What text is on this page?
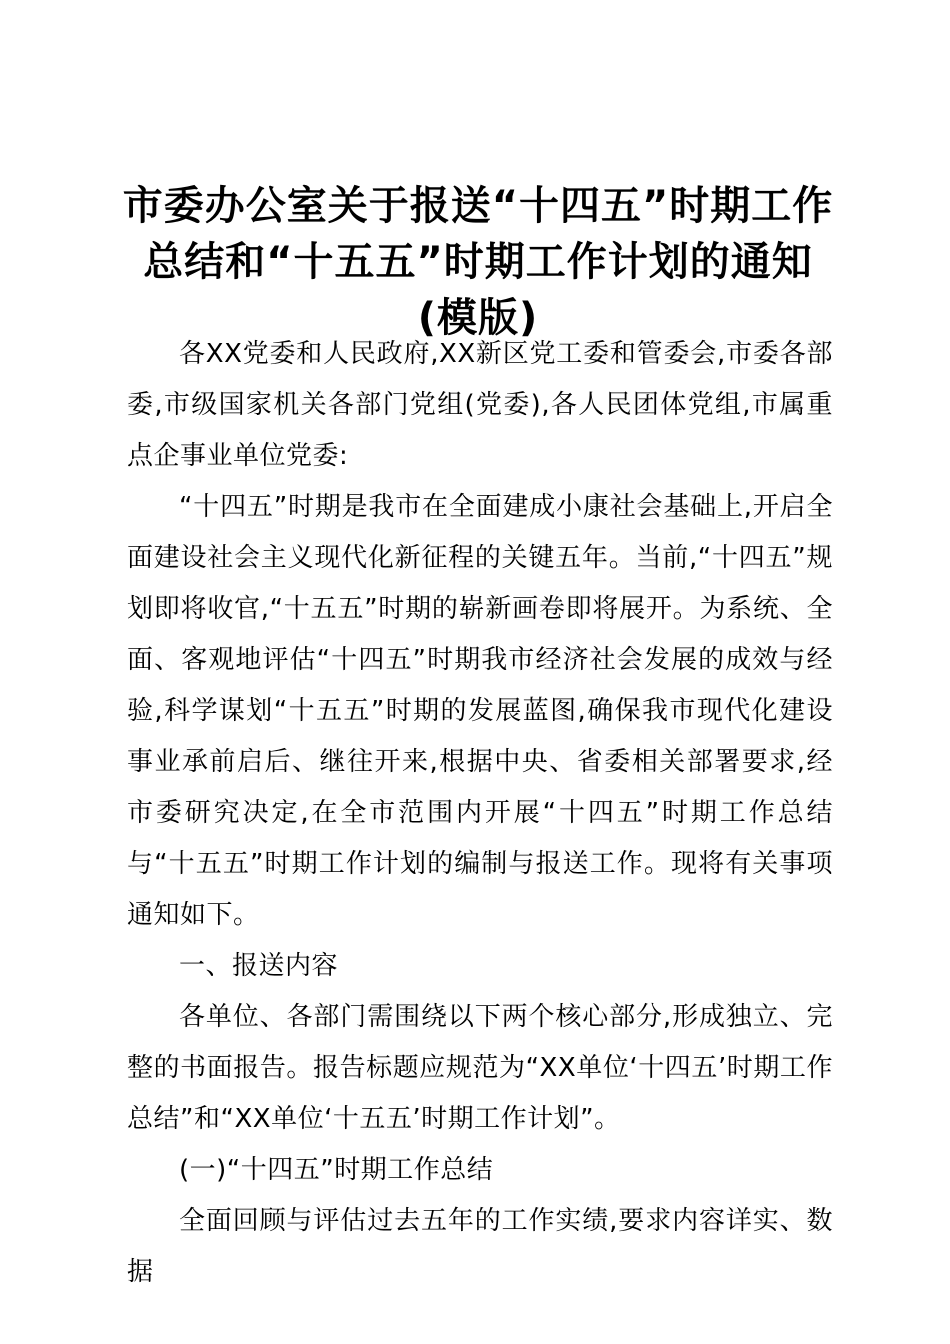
市委办公室关于报送“十四五”时期工作总结和“十五五”时期工作计划的通知(模版)

各XX党委和人民政府,XX新区党工委和管委会,市委各部委,市级国家机关各部门党组(党委),各人民团体党组,市属重点企事业单位党委:

“十四五”时期是我市在全面建成小康社会基础上,开启全面建设社会主义现代化新征程的关键五年。当前,“十四五”规划即将收官,“十五五”时期的崭新画卷即将展开。为系统、全面、客观地评估“十四五”时期我市经济社会发展的成效与经验,科学谋划“十五五”时期的发展蓝图,确保我市现代化建设事业承前启后、继往开来,根据中央、省委相关部署要求,经市委研究决定,在全市范围内开展“十四五”时期工作总结与“十五五”时期工作计划的编制与报送工作。现将有关事项通知如下。

一、报送内容

各单位、各部门需围绕以下两个核心部分,形成独立、完整的书面报告。报告标题应规范为“XX单位‘十四五’时期工作总结”和“XX单位‘十五五’时期工作计划”。

(一)“十四五”时期工作总结

全面回顾与评估过去五年的工作实绩,要求内容详实、数据
